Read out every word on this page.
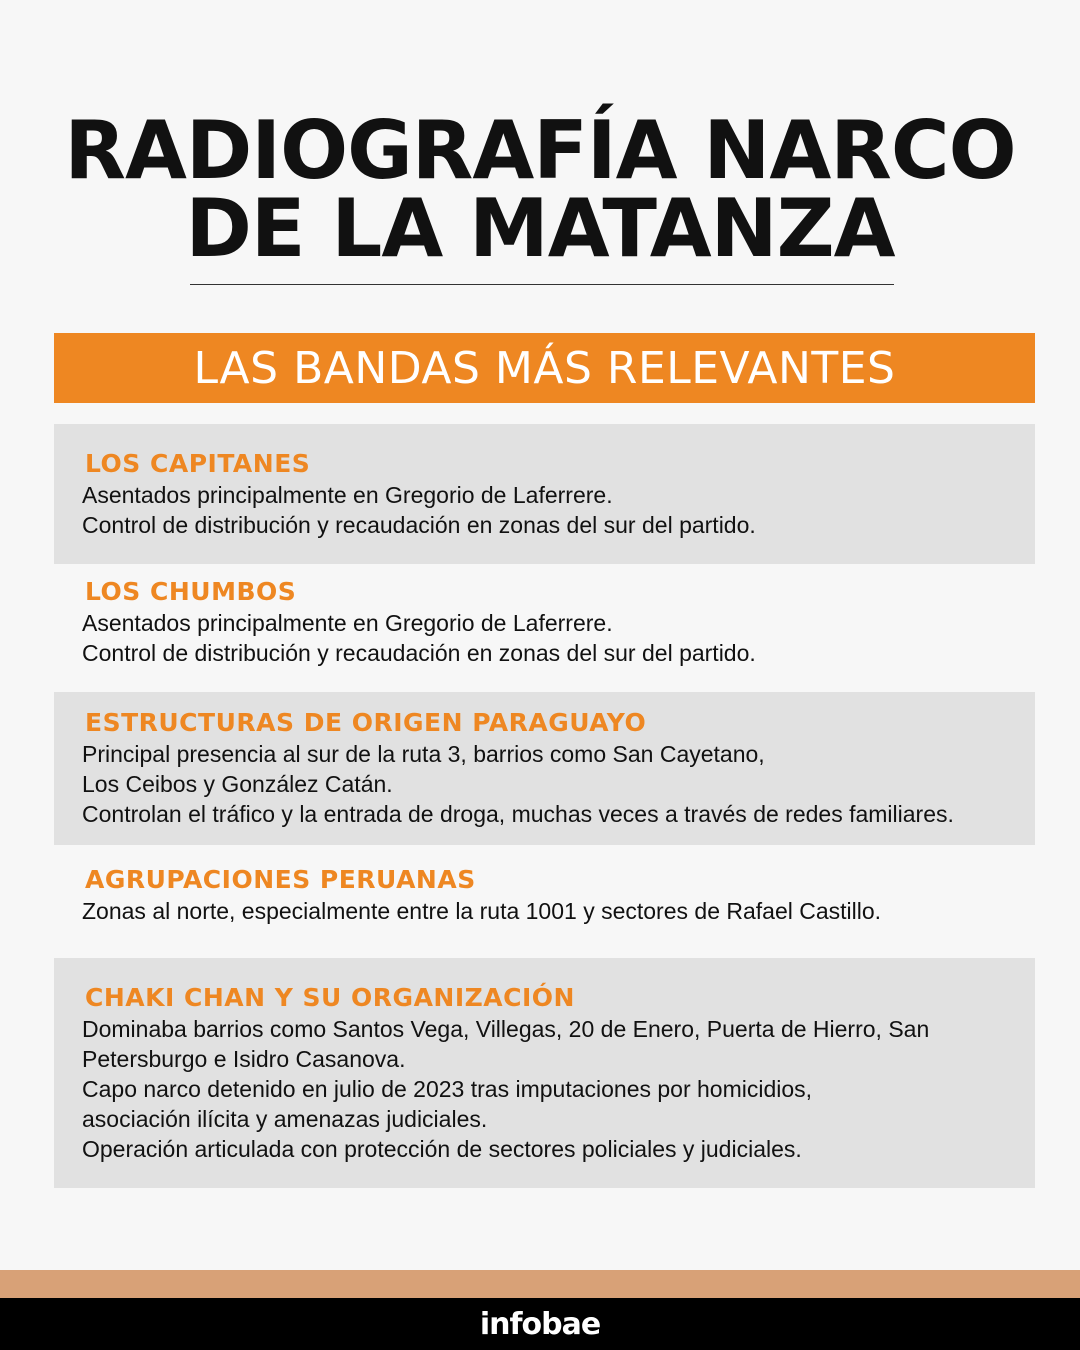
RADIOGRAFÍA NARCO
DE LA MATANZA
LAS BANDAS MÁS RELEVANTES
LOS CAPITANES
Asentados principalmente en Gregorio de Laferrere.
Control de distribución y recaudación en zonas del sur del partido.
LOS CHUMBOS
Asentados principalmente en Gregorio de Laferrere.
Control de distribución y recaudación en zonas del sur del partido.
ESTRUCTURAS DE ORIGEN PARAGUAYO
Principal presencia al sur de la ruta 3, barrios como San Cayetano,
Los Ceibos y González Catán.
Controlan el tráfico y la entrada de droga, muchas veces a través de redes familiares.
AGRUPACIONES PERUANAS
Zonas al norte, especialmente entre la ruta 1001 y sectores de Rafael Castillo.
CHAKI CHAN Y SU ORGANIZACIÓN
Dominaba barrios como Santos Vega, Villegas, 20 de Enero, Puerta de Hierro, San
Petersburgo e Isidro Casanova.
Capo narco detenido en julio de 2023 tras imputaciones por homicidios,
asociación ilícita y amenazas judiciales.
Operación articulada con protección de sectores policiales y judiciales.
infobae
